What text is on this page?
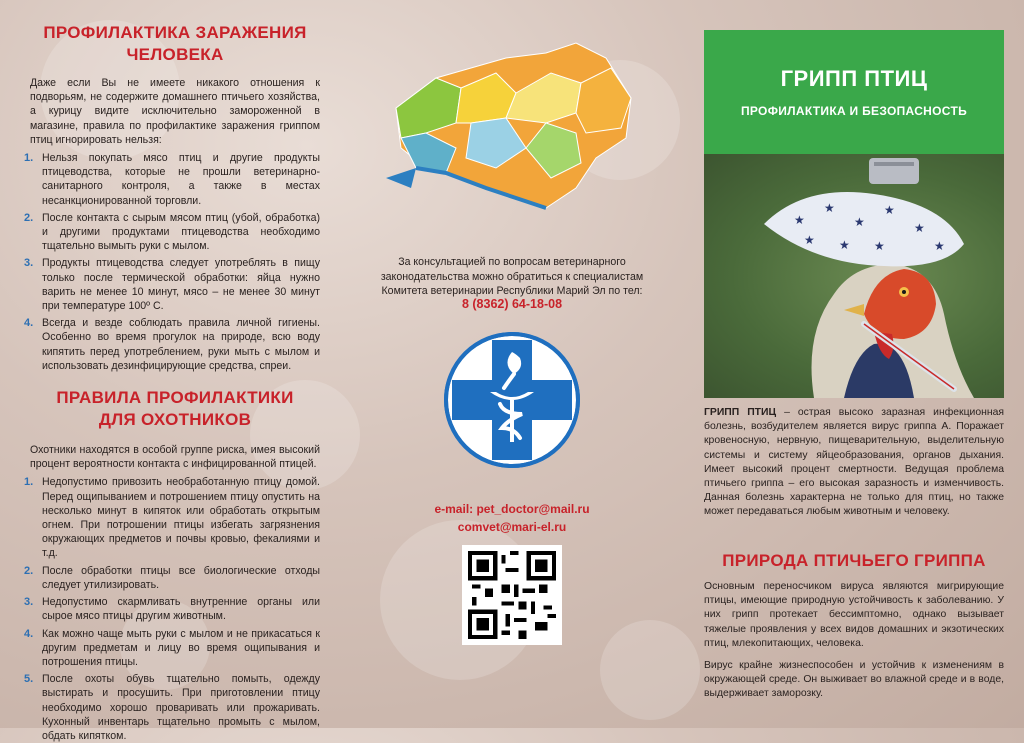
ПРОФИЛАКТИКА ЗАРАЖЕНИЯ
ЧЕЛОВЕКА

Даже если Вы не имеете никакого отношения к подворьям, не содержите домашнего птичьего хозяйства, а курицу видите исключительно замороженной в магазине, правила по профилактике заражения гриппом птиц игнорировать нельзя:

1. Нельзя покупать мясо птиц и другие продукты птицеводства, которые не прошли ветеринарно-санитарного контроля, а также в местах несанкционированной торговли.
2. После контакта с сырым мясом птиц (убой, обработка) и другими продуктами птицеводства необходимо тщательно вымыть руки с мылом.
3. Продукты птицеводства следует употреблять в пищу только после термической обработки: яйца нужно варить не менее 10 минут, мясо – не менее 30 минут при температуре 100º С.
4. Всегда и везде соблюдать правила личной гигиены. Особенно во время прогулок на природе, всю воду кипятить перед употреблением, руки мыть с мылом и использовать дезинфицирующие средства, спреи.
ПРАВИЛА ПРОФИЛАКТИКИ
ДЛЯ ОХОТНИКОВ

Охотники находятся в особой группе риска, имея высокий процент вероятности контакта с инфицированной птицей.

1. Недопустимо привозить необработанную птицу домой. Перед ощипыванием и потрошением птицу опустить на несколько минут в кипяток или обработать открытым огнем. При потрошении птицы избегать загрязнения окружающих предметов и почвы кровью, фекалиями и т.д.
2. После обработки птицы все биологические отходы следует утилизировать.
3. Недопустимо скармливать внутренние органы или сырое мясо птицы другим животным.
4. Как можно чаще мыть руки с мылом и не прикасаться к другим предметам и лицу во время ощипывания и потрошения птицы.
5. После охоты обувь тщательно помыть, одежду выстирать и просушить. При приготовлении птицу необходимо хорошо проваривать или прожаривать. Кухонный инвентарь тщательно промыть с мылом, обдать кипятком.
За консультацией по вопросам ветеринарного законодательства можно обратиться к специалистам Комитета ветеринарии Республики Марий Эл по тел:
8 (8362) 64-18-08
e-mail: pet_doctor@mail.ru
comvet@mari-el.ru
ГРИПП ПТИЦ
ПРОФИЛАКТИКА И БЕЗОПАСНОСТЬ
★
★
★
★
★
★ ★
★	★

ГРИПП ПТИЦ – острая высоко заразная инфекционная болезнь, возбудителем является вирус гриппа А. Поражает кровеносную, нервную, пищеварительную, выделительную системы и систему яйцеобразования, органов дыхания. Имеет высокий процент смертности. Ведущая проблема птичьего гриппа – его высокая заразность и изменчивость. Данная болезнь характерна не только для птиц, но также может передаваться любым животным и человеку.

ПРИРОДА ПТИЧЬЕГО ГРИППА

Основным переносчиком вируса являются мигрирующие птицы, имеющие природную устойчивость к заболеванию. У них грипп протекает бессимптомно, однако вызывает тяжелые проявления у всех видов домашних и экзотических птиц, млекопитающих, человека.

Вирус крайне жизнеспособен и устойчив к изменениям в окружающей среде. Он выживает во влажной среде и в воде, выдерживает заморозку.
